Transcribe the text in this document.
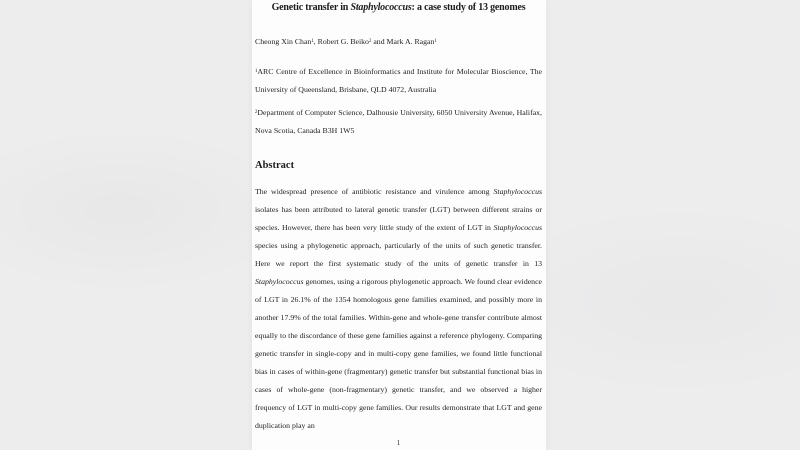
Genetic transfer in Staphylococcus: a case study of 13 genomes
Cheong Xin Chan$^1$, Robert G. Beiko$^2$ and Mark A. Ragan$^1$
$^1$ARC Centre of Excellence in Bioinformatics and Institute for Molecular Bioscience, The University of Queensland, Brisbane, QLD 4072, Australia
$^2$Department of Computer Science, Dalhousie University, 6050 University Avenue, Halifax, Nova Scotia, Canada B3H 1W5
Abstract
The widespread presence of antibiotic resistance and virulence among Staphylococcus isolates has been attributed to lateral genetic transfer (LGT) between different strains or species. However, there has been very little study of the extent of LGT in Staphylococcus species using a phylogenetic approach, particularly of the units of such genetic transfer. Here we report the first systematic study of the units of genetic transfer in 13 Staphylococcus genomes, using a rigorous phylogenetic approach. We found clear evidence of LGT in 26.1% of the 1354 homologous gene families examined, and possibly more in another 17.9% of the total families. Within-gene and whole-gene transfer contribute almost equally to the discordance of these gene families against a reference phylogeny. Comparing genetic transfer in single-copy and in multi-copy gene families, we found little functional bias in cases of within-gene (fragmentary) genetic transfer but substantial functional bias in cases of whole-gene (non-fragmentary) genetic transfer, and we observed a higher frequency of LGT in multi-copy gene families. Our results demonstrate that LGT and gene duplication play an
1
